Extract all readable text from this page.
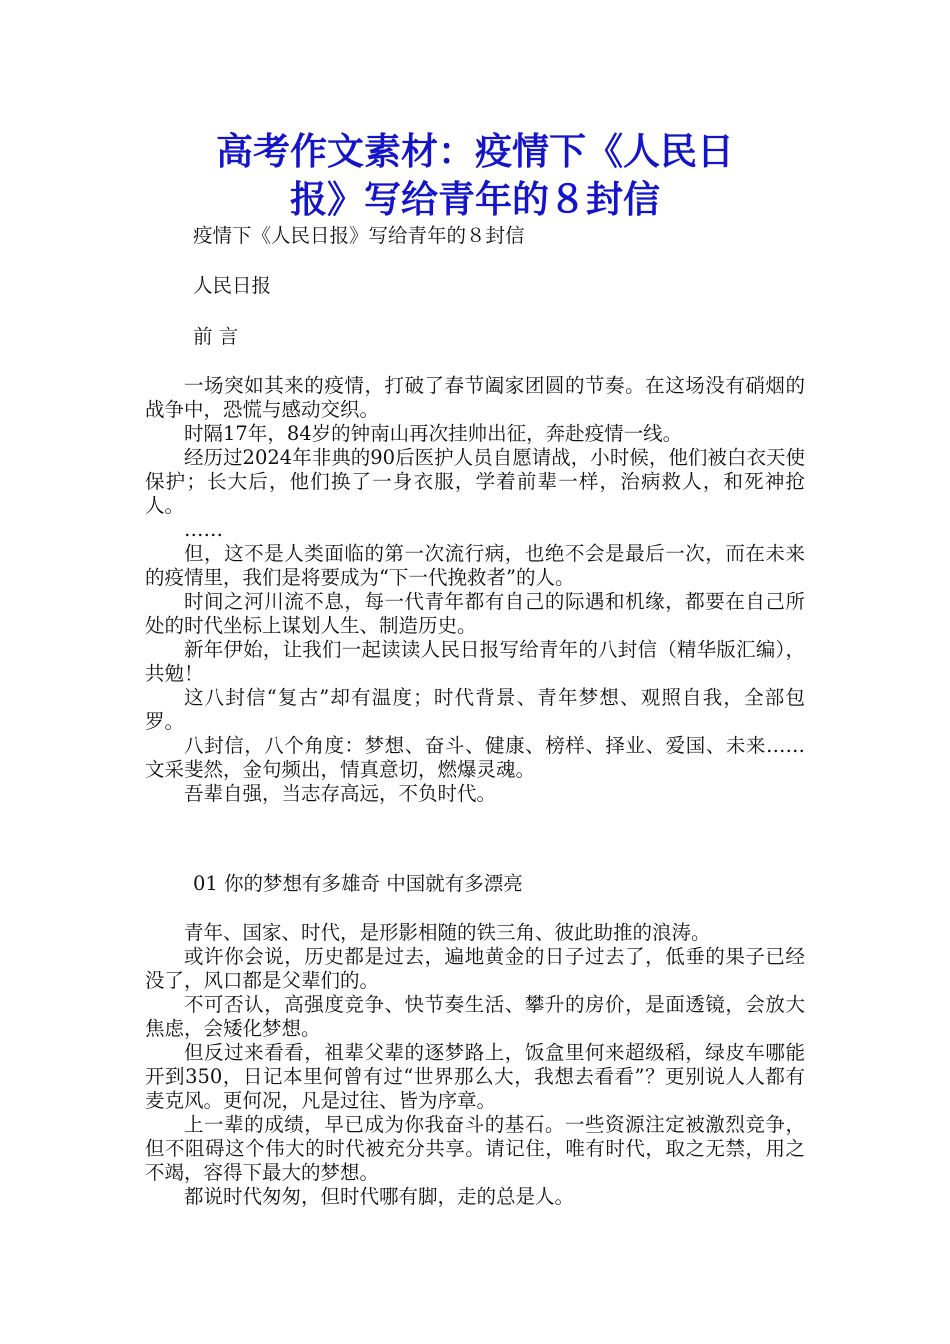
高考作文素材：疫情下《人民日
报》写给青年的８封信
疫情下《人民日报》写给青年的８封信
人民日报
前 言

一场突如其来的疫情，打破了春节阖家团圆的节奏。在这场没有硝烟的战争中，恐慌与感动交织。

时隔17年，84岁的钟南山再次挂帅出征，奔赴疫情一线。

经历过2024年非典的90后医护人员自愿请战，小时候，他们被白衣天使保护；长大后，他们换了一身衣服，学着前辈一样，治病救人，和死神抢人。

……

但，这不是人类面临的第一次流行病，也绝不会是最后一次，而在未来的疫情里，我们是将要成为“下一代挽救者”的人。

时间之河川流不息，每一代青年都有自己的际遇和机缘，都要在自己所处的时代坐标上谋划人生、制造历史。

新年伊始，让我们一起读读人民日报写给青年的八封信（精华版汇编），共勉！

这八封信“复古”却有温度；时代背景、青年梦想、观照自我，全部包罗。

八封信，八个角度：梦想、奋斗、健康、榜样、择业、爱国、未来……文采斐然，金句频出，情真意切，燃爆灵魂。

吾辈自强，当志存高远，不负时代。

01 你的梦想有多雄奇 中国就有多漂亮

青年、国家、时代，是形影相随的铁三角、彼此助推的浪涛。

或许你会说，历史都是过去，遍地黄金的日子过去了，低垂的果子已经没了，风口都是父辈们的。

不可否认，高强度竞争、快节奏生活、攀升的房价，是面透镜，会放大焦虑，会矮化梦想。

但反过来看看，祖辈父辈的逐梦路上，饭盒里何来超级稻，绿皮车哪能开到350，日记本里何曾有过“世界那么大，我想去看看”？更别说人人都有麦克风。更何况，凡是过往、皆为序章。

上一辈的成绩，早已成为你我奋斗的基石。一些资源注定被激烈竞争，但不阻碍这个伟大的时代被充分共享。请记住，唯有时代，取之无禁，用之不竭，容得下最大的梦想。

都说时代匆匆，但时代哪有脚，走的总是人。
